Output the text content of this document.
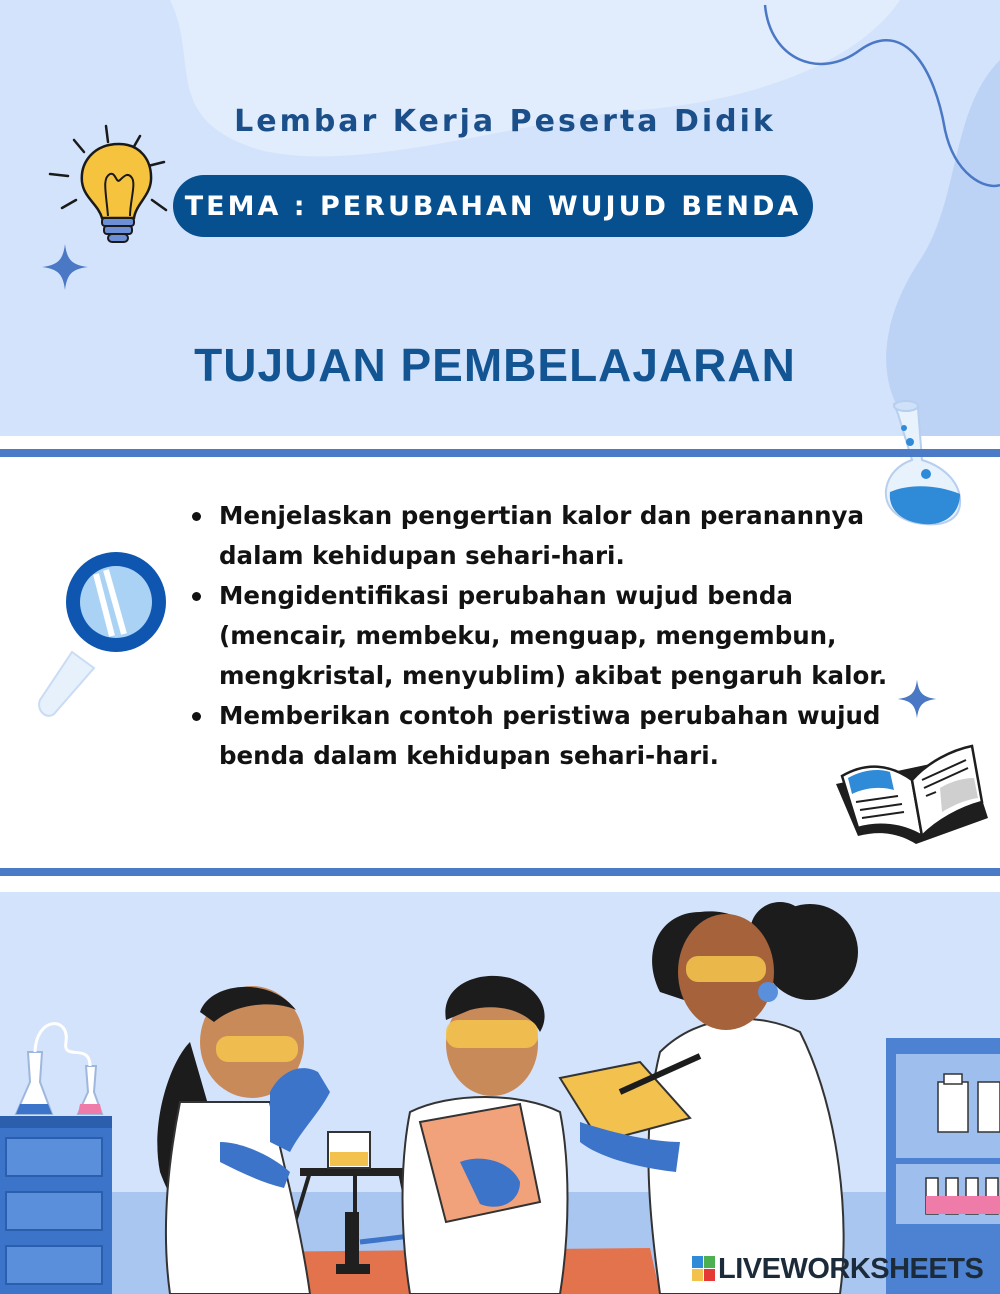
Lembar Kerja Peserta Didik
TEMA : PERUBAHAN WUJUD BENDA
TUJUAN PEMBELAJARAN
Menjelaskan pengertian kalor dan peranannya
dalam kehidupan sehari-hari.
Mengidentifikasi perubahan wujud benda
(mencair, membeku, menguap, mengembun,
mengkristal, menyublim) akibat pengaruh kalor.
Memberikan contoh peristiwa perubahan wujud
benda dalam kehidupan sehari-hari.
LIVEWORKSHEETS
